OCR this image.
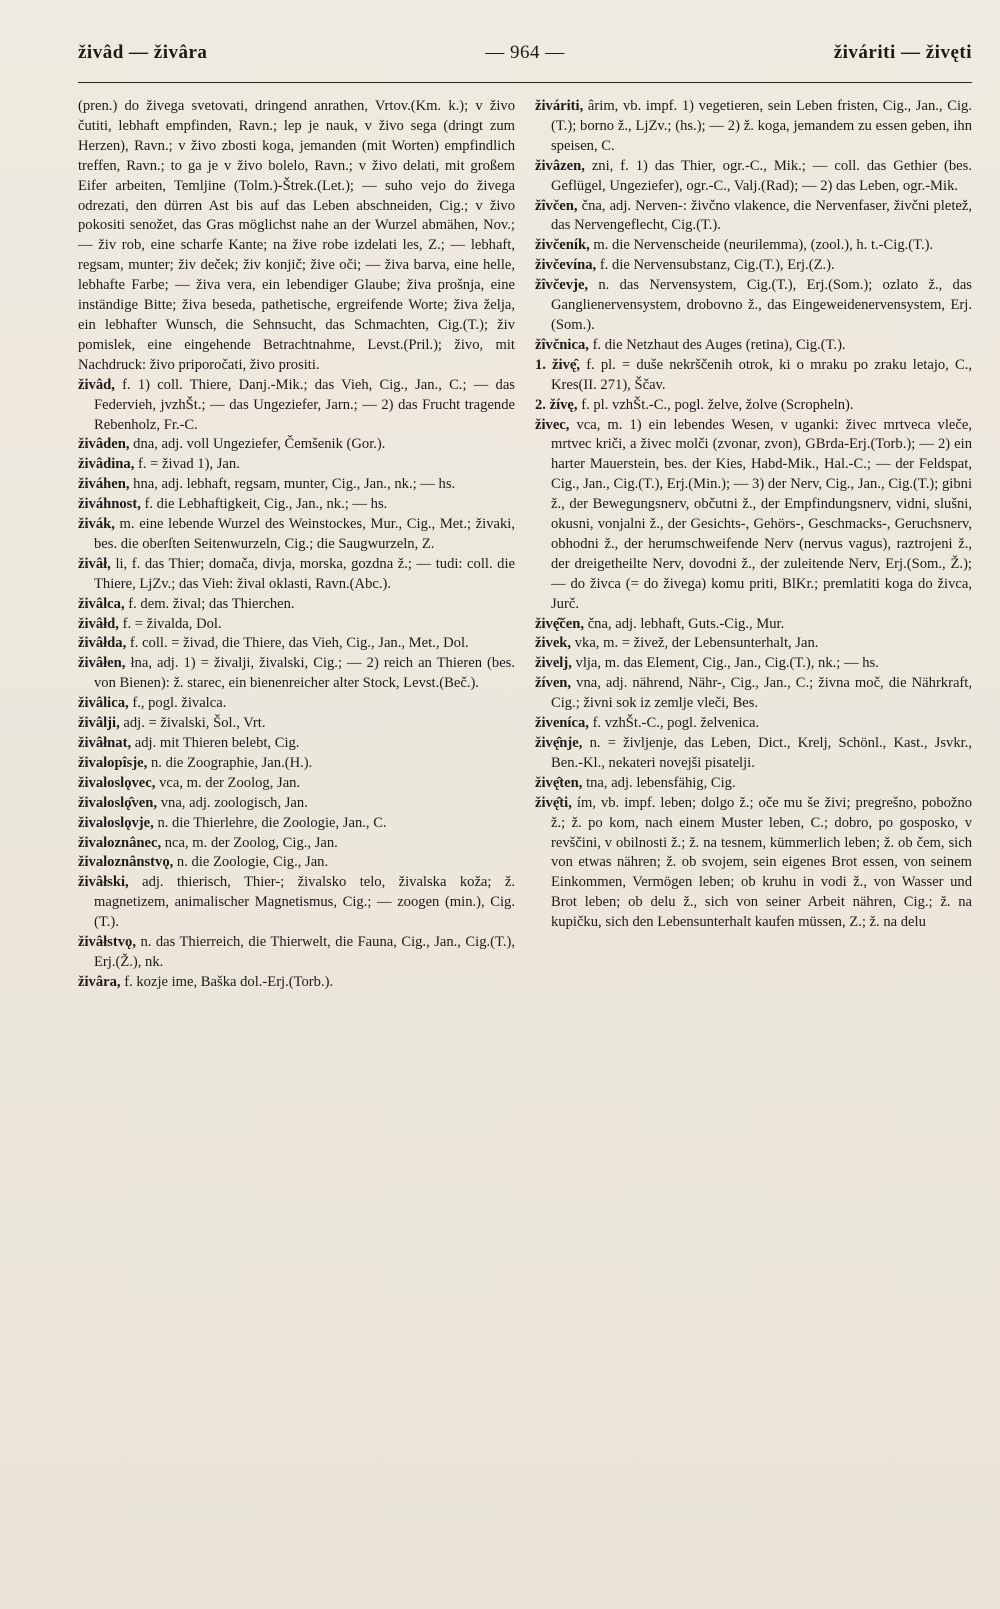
živâd — živâra	— 964 —	živáriti — živęti

(pren.) do živega svetovati, dringend anrathen, Vrtov.(Km. k.); v živo čutiti, lebhaft empfinden, Ravn.; lep je nauk, v živo sega (dringt zum Herzen), Ravn.; v živo zbosti koga, jemanden (mit Worten) empfindlich treffen, Ravn.; to ga je v živo bolelo, Ravn.; v živo delati, mit großem Eifer arbeiten, Temljine (Tolm.)-Štrek.(Let.); — suho vejo do živega odrezati, den dürren Ast bis auf das Leben abschneiden, Cig.; v živo pokositi senožet, das Gras möglichst nahe an der Wurzel abmähen, Nov.; — živ rob, eine scharfe Kante; na žive robe izdelati les, Z.; — lebhaft, regsam, munter; živ deček; živ konjič; žive oči; — živa barva, eine helle, lebhafte Farbe; — živa vera, ein lebendiger Glaube; živa prošnja, eine inständige Bitte; živa beseda, pathetische, ergreifende Worte; živa želja, ein lebhafter Wunsch, die Sehnsucht, das Schmachten, Cig.(T.); živ pomislek, eine eingehende Betrachtnahme, Levst.(Pril.); živo, mit Nachdruck: živo priporočati, živo prositi.

živâd, f. 1) coll. Thiere, Danj.-Mik.; das Vieh, Cig., Jan., C.; — das Federvieh, jvzhŠt.; — das Ungeziefer, Jarn.; — 2) das Frucht tragende Rebenholz, Fr.-C.

živâden, dna, adj. voll Ungeziefer, Čemšenik (Gor.).

živâdina, f. = živad 1), Jan.

živáhen, hna, adj. lebhaft, regsam, munter, Cig., Jan., nk.; — hs.

živáhnost, f. die Lebhaftigkeit, Cig., Jan., nk.; — hs.

živák, m. eine lebende Wurzel des Weinstockes, Mur., Cig., Met.; živaki, bes. die oberſten Seitenwurzeln, Cig.; die Saugwurzeln, Z.

živâł, li, f. das Thier; domača, divja, morska, gozdna ž.; — tudi: coll. die Thiere, LjZv.; das Vieh: žival oklasti, Ravn.(Abc.).

živâlca, f. dem. žival; das Thierchen.

živâłd, f. = živalda, Dol.

živâłda, f. coll. = živad, die Thiere, das Vieh, Cig., Jan., Met., Dol.

živâłen, łna, adj. 1) = živalji, živalski, Cig.; — 2) reich an Thieren (bes. von Bienen): ž. starec, ein bienenreicher alter Stock, Levst.(Beč.).

živâlica, f., pogl. živalca.

živâlji, adj. = živalski, Šol., Vrt.

živâłnat, adj. mit Thieren belebt, Cig.

živalopîsje, n. die Zoographie, Jan.(H.).

živaloslǫvec, vca, m. der Zoolog, Jan.

živaloslǫ̂ven, vna, adj. zoologisch, Jan.

živaloslǫvje, n. die Thierlehre, die Zoologie, Jan., C.

živaloznânec, nca, m. der Zoolog, Cig., Jan.

živaloznânstvǫ, n. die Zoologie, Cig., Jan.

živâłski, adj. thierisch, Thier-; živalsko telo, živalska koža; ž. magnetizem, animalischer Magnetismus, Cig.; — zoogen (min.), Cig.(T.).

živâłstvǫ, n. das Thierreich, die Thierwelt, die Fauna, Cig., Jan., Cig.(T.), Erj.(Ž.), nk.

živâra, f. kozje ime, Baška dol.-Erj.(Torb.).

živáriti, ârim, vb. impf. 1) vegetieren, sein Leben fristen, Cig., Jan., Cig.(T.); borno ž., LjZv.; (hs.); — 2) ž. koga, jemandem zu essen geben, ihn speisen, C.

živâzen, zni, f. 1) das Thier, ogr.-C., Mik.; — coll. das Gethier (bes. Geflügel, Ungeziefer), ogr.-C., Valj.(Rad); — 2) das Leben, ogr.-Mik.

žîvčen, čna, adj. Nerven-: živčno vlakence, die Nervenfaser, živčni pletež, das Nervengeflecht, Cig.(T.).

živčeník, m. die Nervenscheide (neurilemma), (zool.), h. t.-Cig.(T.).

živčevína, f. die Nervensubstanz, Cig.(T.), Erj.(Z.).

žîvčevje, n. das Nervensystem, Cig.(T.), Erj.(Som.); ozlato ž., das Ganglienervensystem, drobovno ž., das Eingeweidenervensystem, Erj.(Som.).

žîvčnica, f. die Netzhaut des Auges (retina), Cig.(T.).

1. živę̂, f. pl. = duše nekrščenih otrok, ki o mraku po zraku letajo, C., Kres(II. 271), Ščav.

2. žívę, f. pl. vzhŠt.-C., pogl. želve, žolve (Scropheln).

živec, vca, m. 1) ein lebendes Wesen, v uganki: živec mrtveca vleče, mrtvec kriči, a živec molči (zvonar, zvon), GBrda-Erj.(Torb.); — 2) ein harter Mauerstein, bes. der Kies, Habd-Mik., Hal.-C.; — der Feldspat, Cig., Jan., Cig.(T.), Erj.(Min.); — 3) der Nerv, Cig., Jan., Cig.(T.); gibni ž., der Bewegungsnerv, občutni ž., der Empfindungsnerv, vidni, slušni, okusni, vonjalni ž., der Gesichts-, Gehörs-, Geschmacks-, Geruchsnerv, obhodni ž., der herumschweifende Nerv (nervus vagus), raztrojeni ž., der dreigetheilte Nerv, dovodni ž., der zuleitende Nerv, Erj.(Som., Ž.); — do živca (= do živega) komu priti, BlKr.; premlatiti koga do živca, Jurč.

živę̂čen, čna, adj. lebhaft, Guts.-Cig., Mur.

živek, vka, m. = živež, der Lebensunterhalt, Jan.

živelj, vlja, m. das Element, Cig., Jan., Cig.(T.), nk.; — hs.

žíven, vna, adj. nährend, Nähr-, Cig., Jan., C.; živna moč, die Nährkraft, Cig.; živni sok iz zemlje vleči, Bes.

živeníca, f. vzhŠt.-C., pogl. želvenica.

živę̂nje, n. = življenje, das Leben, Dict., Krelj, Schönl., Kast., Jsvkr., Ben.-Kl., nekateri novejši pisatelji.

živę̂ten, tna, adj. lebensfähig, Cig.

živę̂ti, ím, vb. impf. leben; dolgo ž.; oče mu še živi; pregrešno, pobožno ž.; ž. po kom, nach einem Muster leben, C.; dobro, po gosposko, v revščini, v obilnosti ž.; ž. na tesnem, kümmerlich leben; ž. ob čem, sich von etwas nähren; ž. ob svojem, sein eigenes Brot essen, von seinem Einkommen, Vermögen leben; ob kruhu in vodi ž., von Wasser und Brot leben; ob delu ž., sich von seiner Arbeit nähren, Cig.; ž. na kupičku, sich den Lebensunterhalt kaufen müssen, Z.; ž. na delu
